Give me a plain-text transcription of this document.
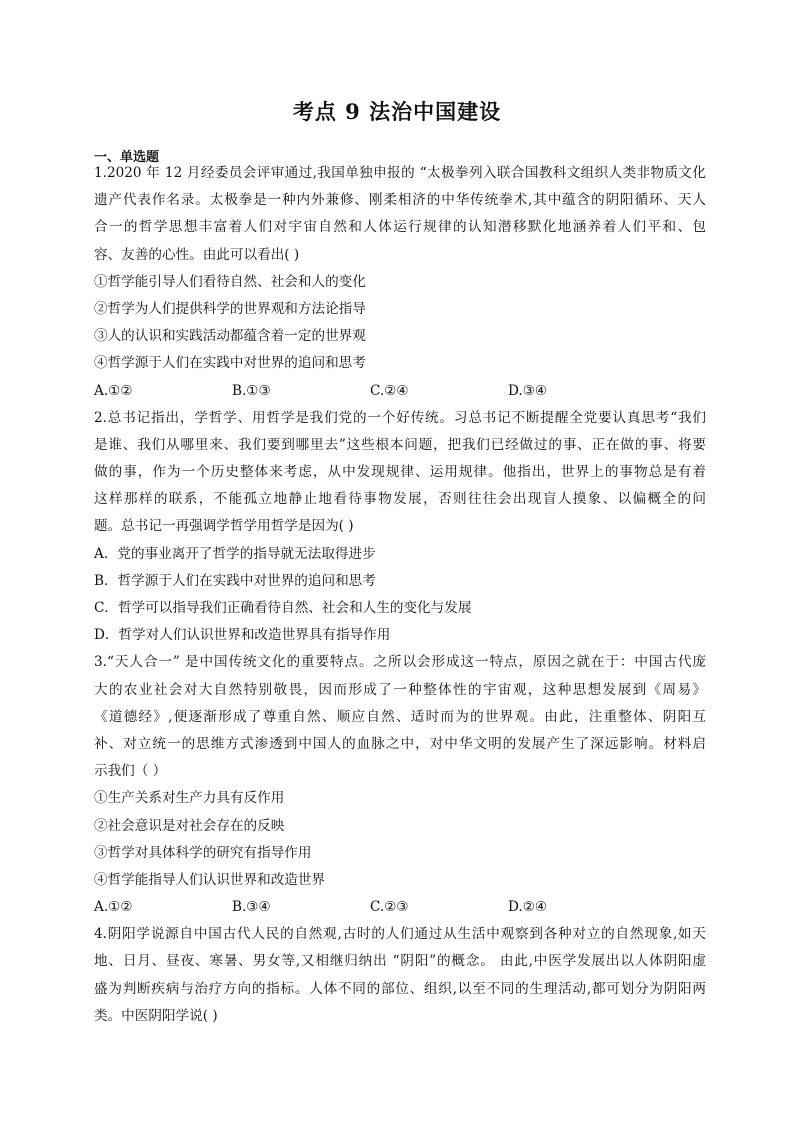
考点 9 法治中国建设
一、单选题
1.2020 年 12 月经委员会评审通过,我国单独申报的 “太极拳列入联合国教科文组织人类非物质文化
遗产代表作名录。太极拳是一种内外兼修、刚柔相济的中华传统拳术,其中蕴含的阴阳循环、天人
合一的哲学思想丰富着人们对宇宙自然和人体运行规律的认知潜移默化地涵养着人们平和、包
容、友善的心性。由此可以看出( )
①哲学能引导人们看待自然、社会和人的变化
②哲学为人们提供科学的世界观和方法论指导
③人的认识和实践活动都蕴含着一定的世界观
④哲学源于人们在实践中对世界的追问和思考
A.①②	B.①③	C.②④	D.③④
2.总书记指出，学哲学、用哲学是我们党的一个好传统。习总书记不断提醒全党要认真思考“我们
是谁、我们从哪里来、我们要到哪里去”这些根本问题，把我们已经做过的事、正在做的事、将要
做的事，作为一个历史整体来考虑，从中发现规律、运用规律。他指出，世界上的事物总是有着
这样那样的联系，不能孤立地静止地看待事物发展，否则往往会出现盲人摸象、以偏概全的问
题。总书记一再强调学哲学用哲学是因为( )
A．党的事业离开了哲学的指导就无法取得进步
B．哲学源于人们在实践中对世界的追问和思考
C．哲学可以指导我们正确看待自然、社会和人生的变化与发展
D．哲学对人们认识世界和改造世界具有指导作用
3.“天人合一” 是中国传统文化的重要特点。之所以会形成这一特点，原因之就在于：中国古代庞
大的农业社会对大自然特别敬畏，因而形成了一种整体性的宇宙观，这种思想发展到《周易》
《道德经》,便逐渐形成了尊重自然、顺应自然、适时而为的世界观。由此，注重整体、阴阳互
补、对立统一的思维方式渗透到中国人的血脉之中，对中华文明的发展产生了深远影响。材料启
示我们（ ）
①生产关系对生产力具有反作用
②社会意识是对社会存在的反映
③哲学对具体科学的研究有指导作用
④哲学能指导人们认识世界和改造世界
A.①②	B.③④	C.②③	D.②④
4.阴阳学说源自中国古代人民的自然观,古时的人们通过从生活中观察到各种对立的自然现象,如天
地、日月、昼夜、寒暑、男女等,又相继归纳出 “阴阳”的概念。 由此,中医学发展出以人体阴阳虚
盛为判断疾病与治疗方向的指标。人体不同的部位、组织,以至不同的生理活动,都可划分为阴阳两
类。中医阴阳学说( )
